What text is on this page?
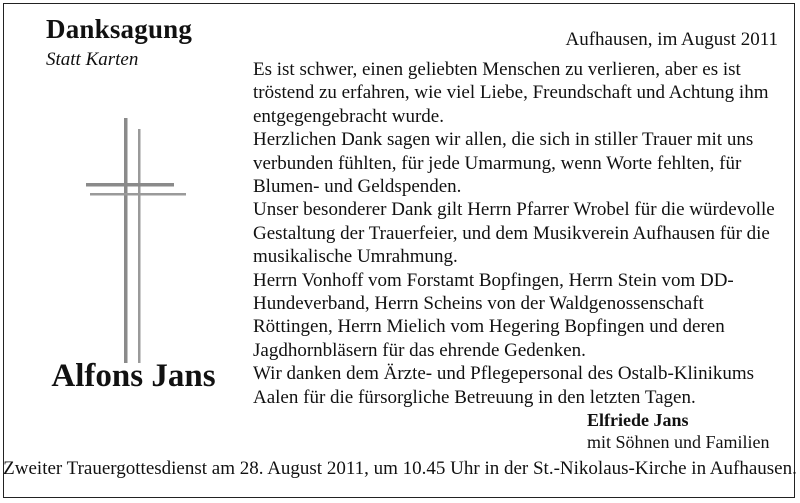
Danksagung
Statt Karten
Aufhausen, im August 2011
Alfons Jans

Es ist schwer, einen geliebten Menschen zu verlieren, aber es ist tröstend zu erfahren, wie viel Liebe, Freundschaft und Achtung ihm entgegengebracht wurde.

Herzlichen Dank sagen wir allen, die sich in stiller Trauer mit uns verbunden fühlten, für jede Umarmung, wenn Worte fehlten, für Blumen- und Geldspenden.

Unser besonderer Dank gilt Herrn Pfarrer Wrobel für die würdevolle Gestaltung der Trauerfeier, und dem Musikverein Aufhausen für die musikalische Umrahmung.

Herrn Vonhoff vom Forstamt Bopfingen, Herrn Stein vom DD-Hundeverband, Herrn Scheins von der Waldgenossenschaft Röttingen, Herrn Mielich vom Hegering Bopfingen und deren Jagdhornbläsern für das ehrende Gedenken.

Wir danken dem Ärzte- und Pflegepersonal des Ostalb-Klinikums Aalen für die fürsorgliche Betreuung in den letzten Tagen.

Elfriede Jans
mit Söhnen und Familien
Zweiter Trauergottesdienst am 28. August 2011, um 10.45 Uhr in der St.-Nikolaus-Kirche in Aufhausen.
